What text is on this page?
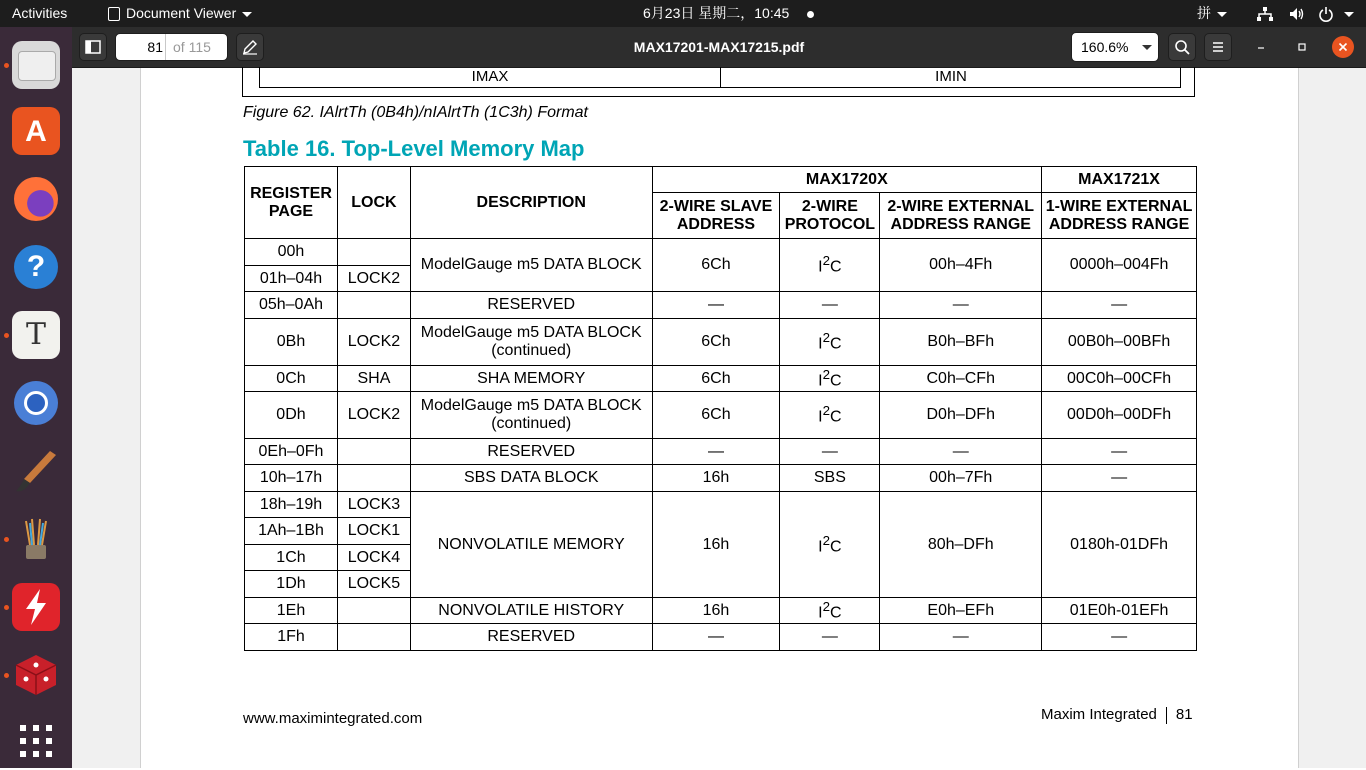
Activities	Document Viewer	6月23日 星期二，10:45	拼

A
?
T
81 of 115	MAX17201-MAX17215.pdf	160.6%
IMAX	IMIN
Figure 62. IAlrtTh (0B4h)/nIAlrtTh (1C3h) Format
Table 16. Top-Level Memory Map
REGISTER PAGE	LOCK	DESCRIPTION	MAX1720X			MAX1721X
			2-WIRE SLAVE ADDRESS	2-WIRE PROTOCOL	2-WIRE EXTERNAL ADDRESS RANGE	1-WIRE EXTERNAL ADDRESS RANGE
00h		ModelGauge m5 DATA BLOCK	6Ch	$I^2C$	00h–4Fh	0000h–004Fh
01h–04h	LOCK2					
05h–0Ah		RESERVED	—	—	—	—
0Bh	LOCK2	ModelGauge m5 DATA BLOCK (continued)	6Ch	$I^2C$	B0h–BFh	00B0h–00BFh
0Ch	SHA	SHA MEMORY	6Ch	$I^2C$	C0h–CFh	00C0h–00CFh
0Dh	LOCK2	ModelGauge m5 DATA BLOCK (continued)	6Ch	$I^2C$	D0h–DFh	00D0h–00DFh
0Eh–0Fh		RESERVED	—	—	—	—
10h–17h		SBS DATA BLOCK	16h	SBS	00h–7Fh	—
18h–19h	LOCK3	NONVOLATILE MEMORY	16h	$I^2C$	80h–DFh	0180h-01DFh
1Ah–1Bh	LOCK1					
1Ch	LOCK4					
1Dh	LOCK5					
1Eh		NONVOLATILE HISTORY	16h	$I^2C$	E0h–EFh	01E0h-01EFh
1Fh		RESERVED	—	—	—	—
www.maximintegrated.com	Maxim Integrated 81
